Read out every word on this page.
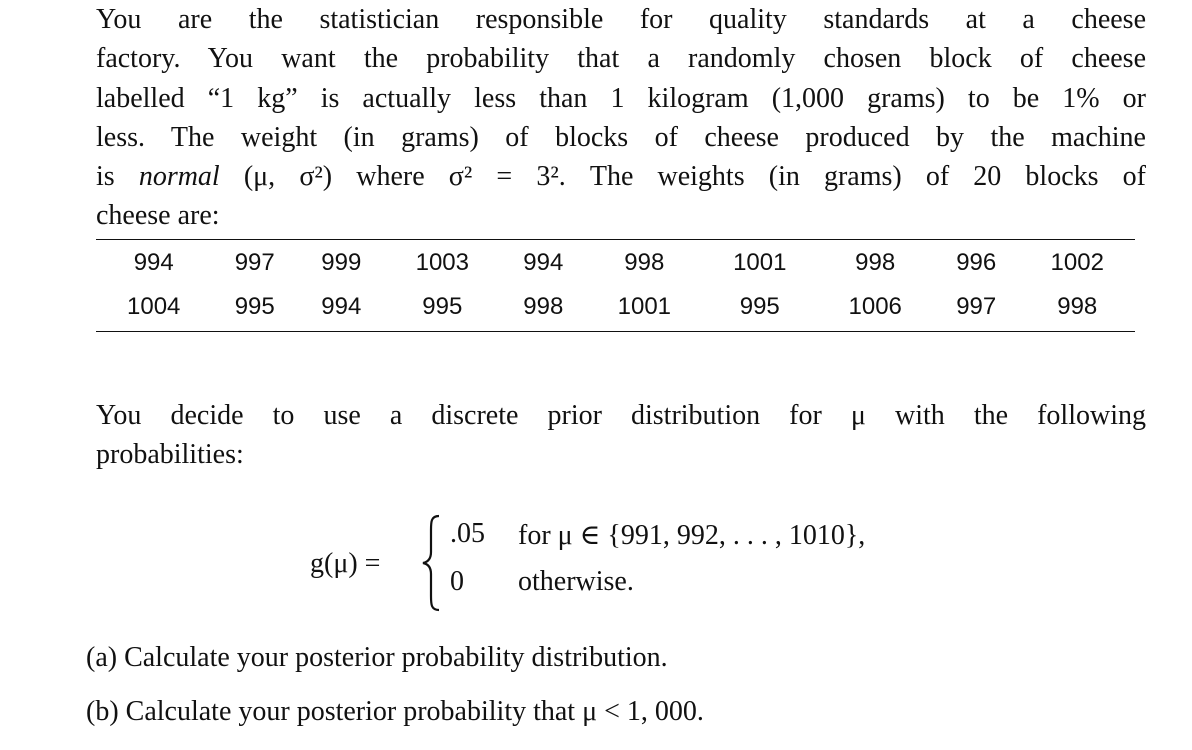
You are the statistician responsible for quality standards at a cheese
factory. You want the probability that a randomly chosen block of cheese
labelled “1 kg” is actually less than 1 kilogram (1,000 grams) to be 1% or
less. The weight (in grams) of blocks of cheese produced by the machine
is normal (μ, σ²) where σ² = 3². The weights (in grams) of 20 blocks of
cheese are:
994	997	999	1003	994	998	1001	998	996	1002
1004	995	994	995	998	1001	995	1006	997	998
You decide to use a discrete prior distribution for μ with the following
probabilities:
g(μ) =
.05 for μ ∈ {991, 992, . . . , 1010},
0 otherwise.
(a) Calculate your posterior probability distribution.
(b) Calculate your posterior probability that μ < 1, 000.
